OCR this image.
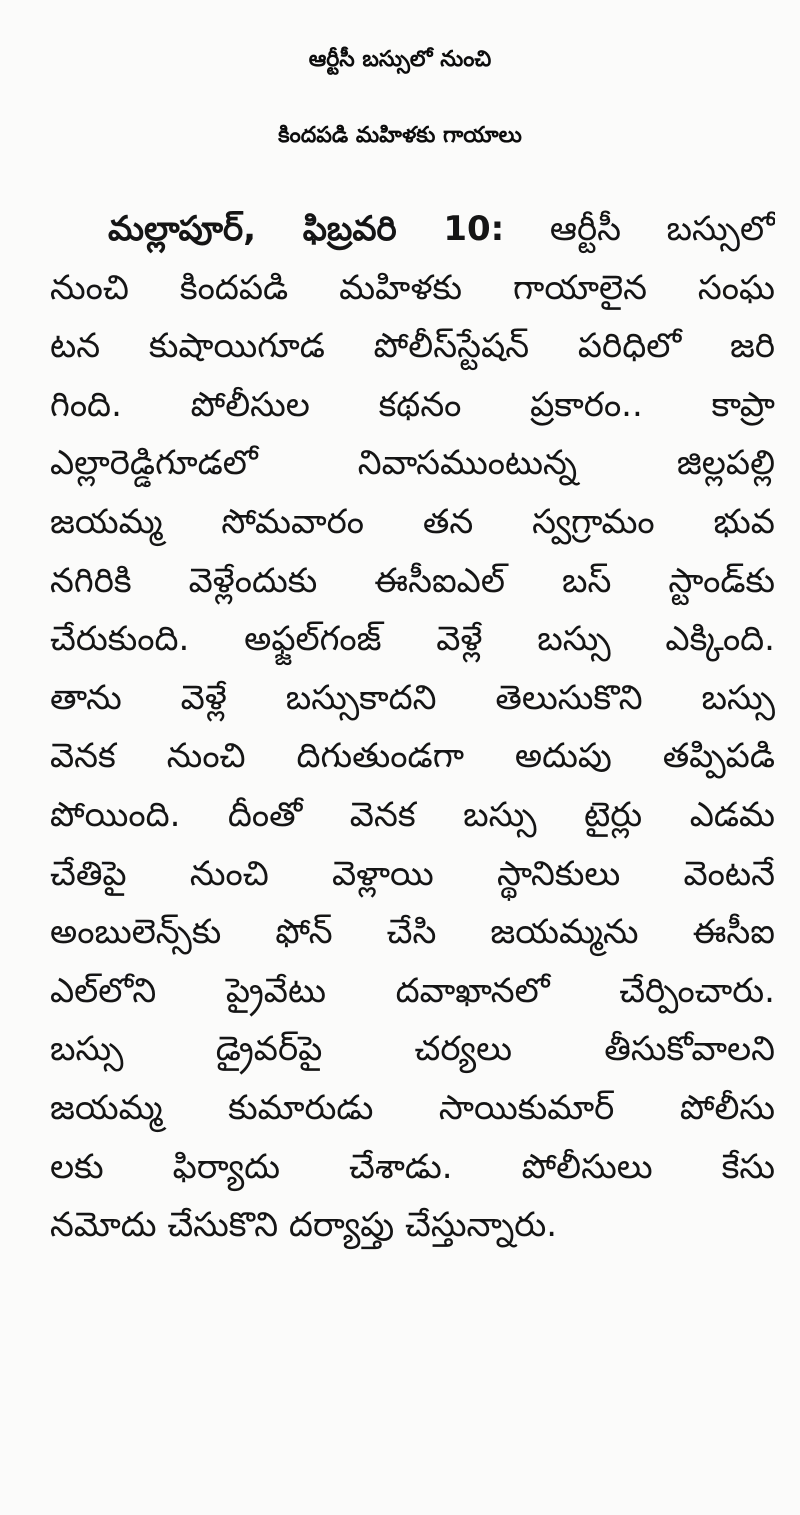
ఆర్టీసీ బస్సులో నుంచి
కిందపడి మహిళకు గాయాలు
మల్లాపూర్, ఫిబ్రవరి 10: ఆర్టీసీ బస్సులో
నుంచి కిందపడి మహిళకు గాయాలైన సంఘ
టన కుషాయిగూడ పోలీస్‌స్టేషన్ పరిధిలో జరి
గింది. పోలీసుల కథనం ప్రకారం.. కాప్రా
ఎల్లారెడ్డిగూడలో నివాసముంటున్న జిల్లపల్లి
జయమ్మ సోమవారం తన స్వగ్రామం భువ
నగిరికి వెళ్లేందుకు ఈసీఐఎల్ బస్ స్టాండ్‌కు
చేరుకుంది. అఫ్జల్‌గంజ్ వెళ్లే బస్సు ఎక్కింది.
తాను వెళ్లే బస్సుకాదని తెలుసుకొని బస్సు
వెనక నుంచి దిగుతుండగా అదుపు తప్పిపడి
పోయింది. దీంతో వెనక బస్సు టైర్లు ఎడమ
చేతిపై నుంచి వెళ్లాయి స్థానికులు వెంటనే
అంబులెన్స్‌కు ఫోన్ చేసి జయమ్మను ఈసీఐ
ఎల్‌లోని ప్రైవేటు దవాఖానలో చేర్పించారు.
బస్సు డ్రైవర్‌పై చర్యలు తీసుకోవాలని
జయమ్మ కుమారుడు సాయికుమార్ పోలీసు
లకు ఫిర్యాదు చేశాడు. పోలీసులు కేసు
నమోదు చేసుకొని దర్యాప్తు చేస్తున్నారు.
